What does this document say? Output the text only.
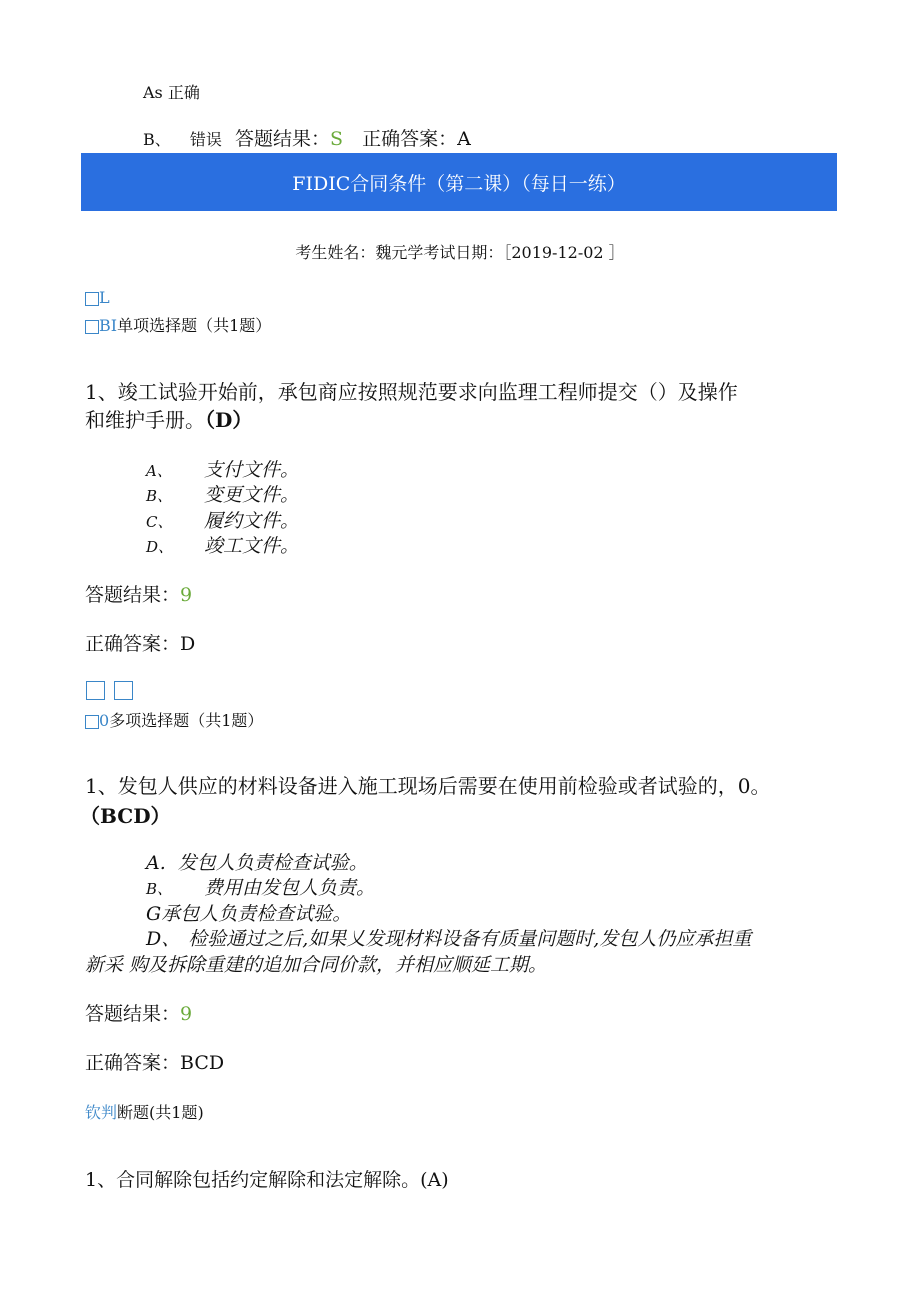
As 正确
B、 错误 答题结果：S 正确答案：A
FIDIC合同条件（第二课）（每日一练）
考生姓名：魏元学考试日期：［2019-12-02 ］
L
BI单项选择题（共1题）
1、竣工试验开始前，承包商应按照规范要求向监理工程师提交（）及操作
和维护手册。（D）
A、 支付文件。
B、 变更文件。
C、 履约文件。
D、 竣工文件。
答题结果：9
正确答案：D

0多项选择题（共1题）
1、发包人供应的材料设备进入施工现场后需要在使用前检验或者试验的，0。
（BCD）
A. 发包人负责检查试验。
B、 费用由发包人负责。
G承包人负责检查试验。
D、 检验通过之后,如果乂发现材料设备有质量问题时,发包人仍应承担重
新采 购及拆除重建的追加合同价款，并相应顺延工期。
答题结果：9
正确答案：BCD
钦判断题(共1题)
1、合同解除包括约定解除和法定解除。(A)
